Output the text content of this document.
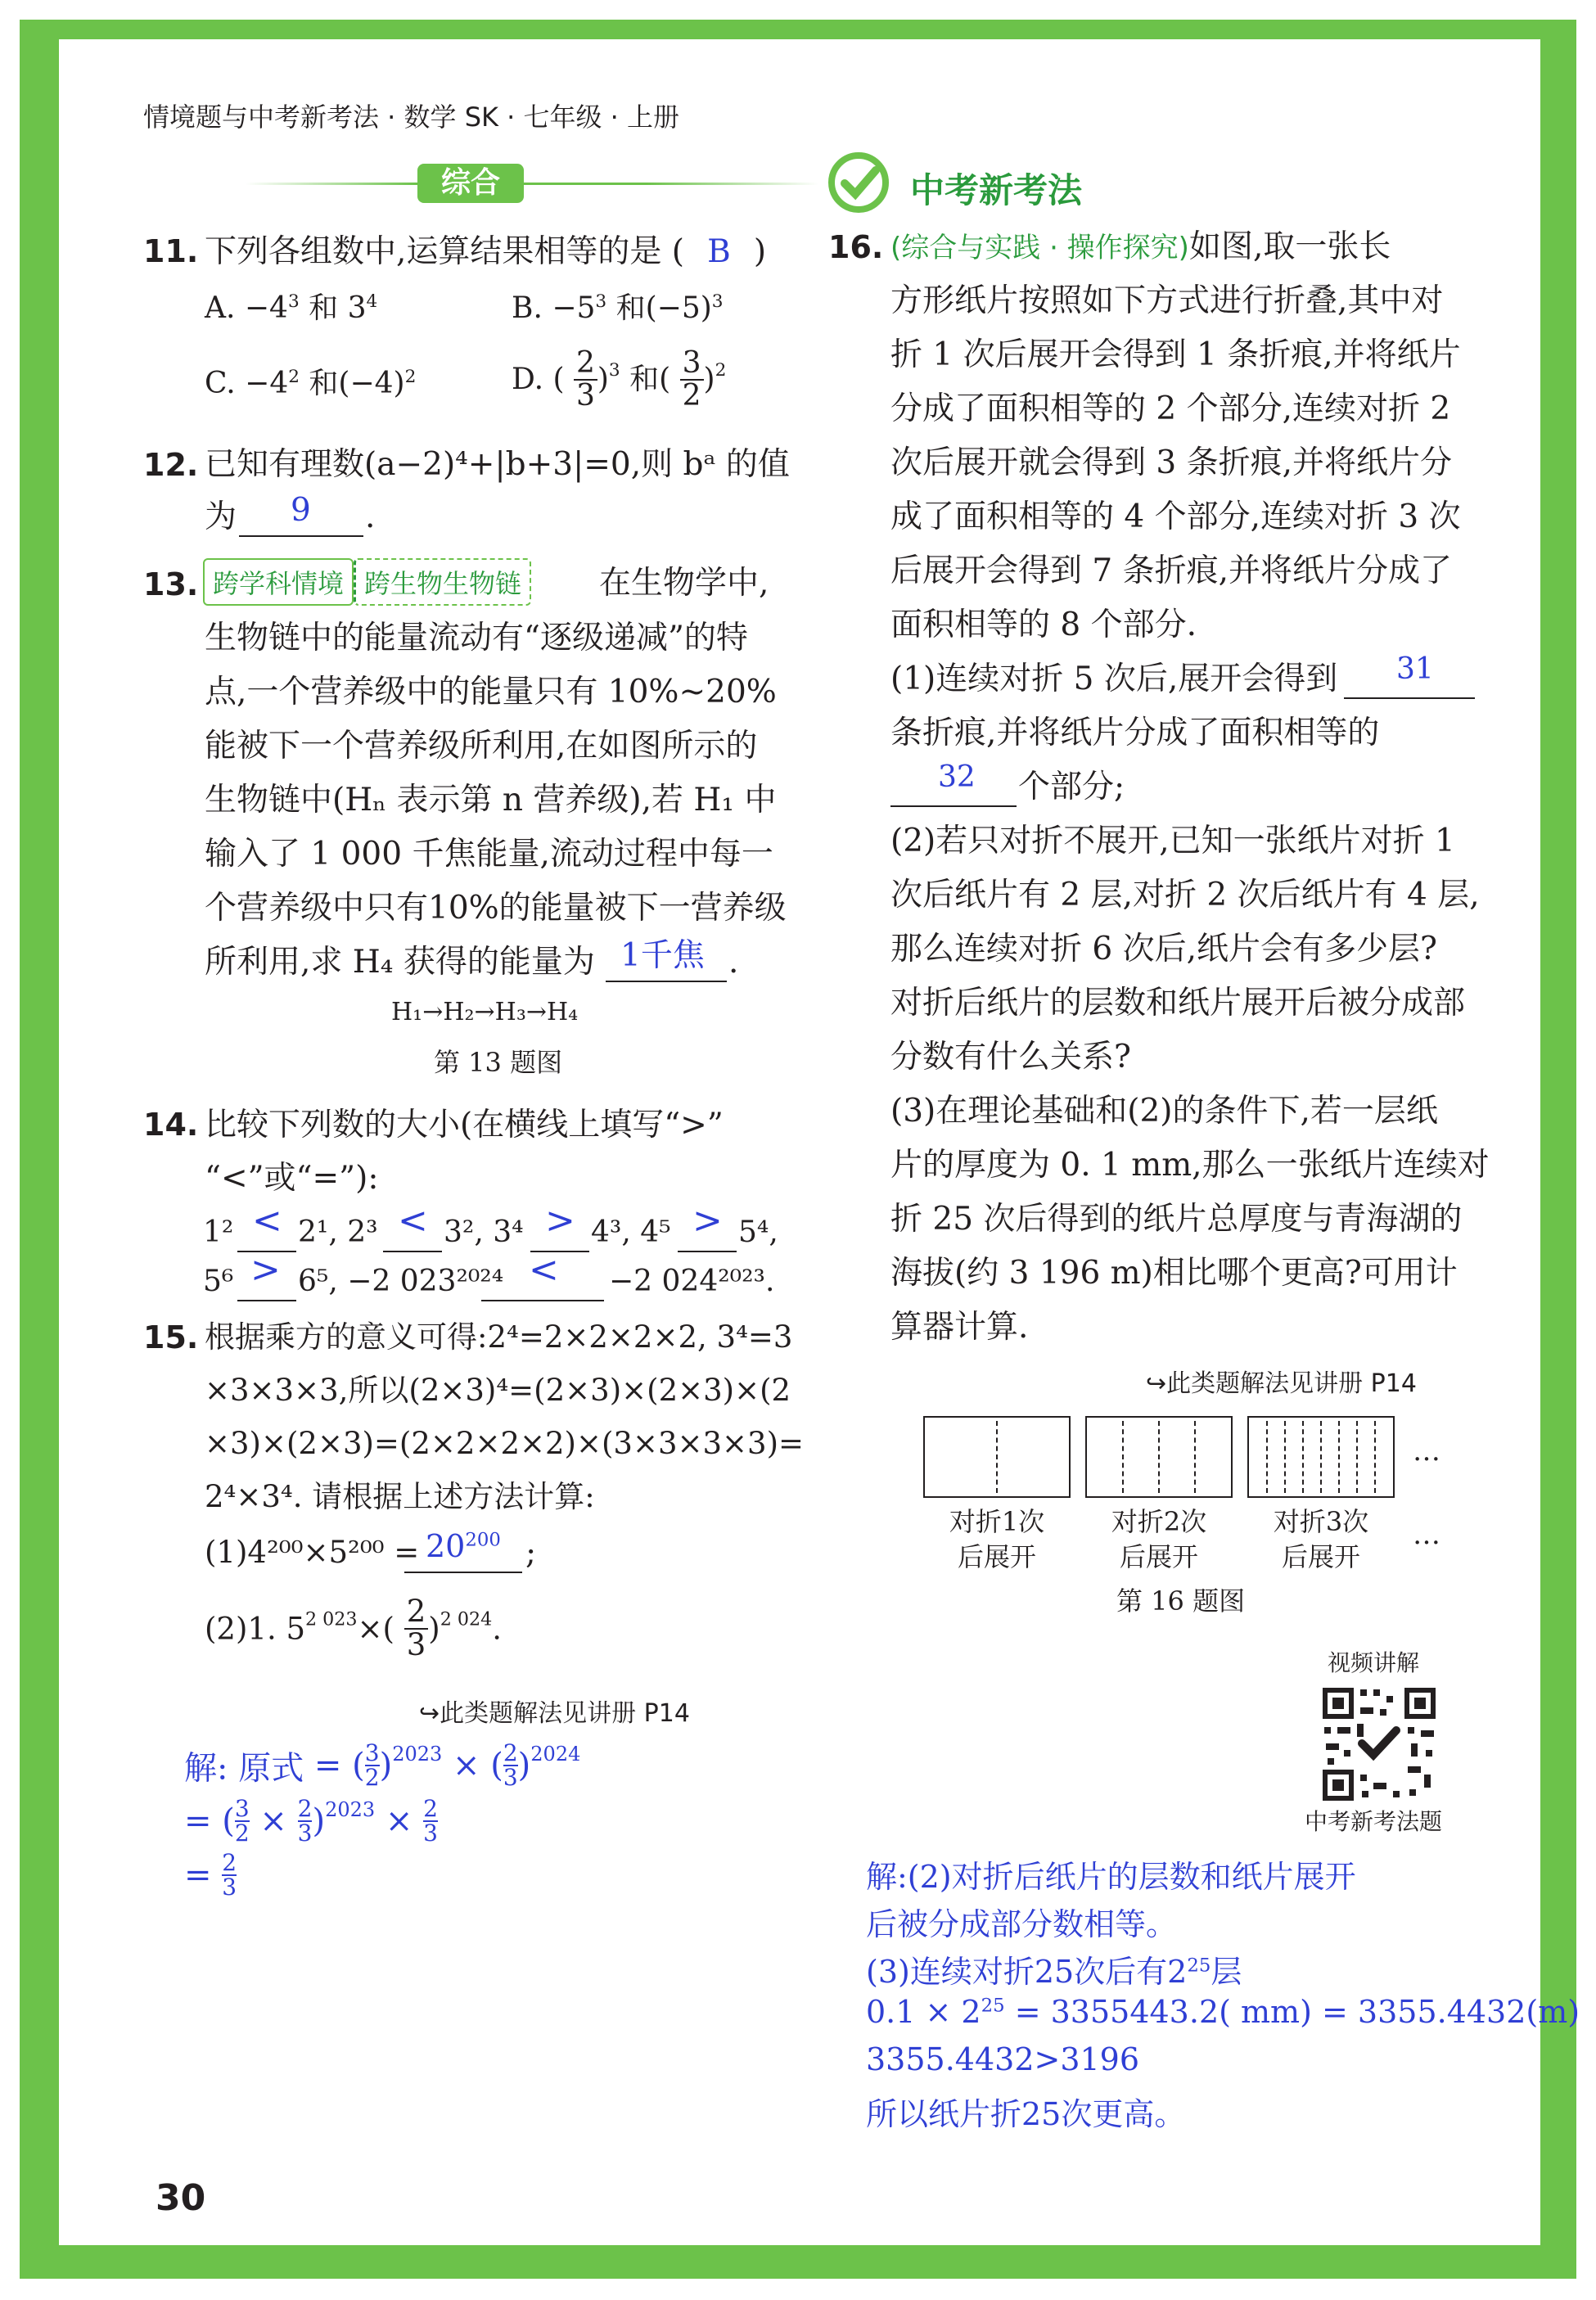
情境题与中考新考法 · 数学 SK · 七年级 · 上册
综合	中考新考法
11. 下列各组数中,运算结果相等的是 ( B )
A. $-4^3$ 和 $3^4$	B. $-5^3$ 和$(-5)^3$
C. $-4^2$ 和$(-4)^2$	D. ( $\frac{2}{3} )^3$ 和( $\frac{3}{2} )^2$
12. 已知有理数(a−2)⁴+|b+3|=0,则 bᵃ 的值
为 9 .
13. 跨学科情境 跨生物生物链	在生物学中,
生物链中的能量流动有“逐级递减”的特
点,一个营养级中的能量只有 10%~20%
能被下一个营养级所利用,在如图所示的
生物链中(Hₙ 表示第 n 营养级),若 H₁ 中
输入了 1 000 千焦能量,流动过程中每一
个营养级中只有10%的能量被下一营养级
所利用,求 H₄ 获得的能量为 1千焦 .
H₁→H₂→H₃→H₄
第 13 题图
14. 比较下列数的大小(在横线上填写“>”
“<”或“=”):
1² < 2¹, 2³ < 3², 3⁴ > 4³, 4⁵ > 5⁴,
5⁶ > 6⁵, −2 023²⁰²⁴ < −2 024²⁰²³.
15. 根据乘方的意义可得:2⁴=2×2×2×2, 3⁴=3
×3×3×3,所以(2×3)⁴=(2×3)×(2×3)×(2
×3)×(2×3)=(2×2×2×2)×(3×3×3×3)=
2⁴×3⁴. 请根据上述方法计算:
$(1)4^{200}\times 5^{200} = 20^{200}$ ;
(2)1. $5^{2 023}\times( \frac{2}{3} )^{2 024}$.
↪此类题解法见讲册 P14
解: 原式 = ( $\frac{3}{2} )^{2023}$ × ( $\frac{2}{3} )^{2024}$
= ( $\frac{3}{2} \times \frac{2}{3} )^{2023} \times \frac{2}{3}$
= $\frac{2}{3}$
16. (综合与实践 · 操作探究)如图,取一张长
方形纸片按照如下方式进行折叠,其中对
折 1 次后展开会得到 1 条折痕,并将纸片
分成了面积相等的 2 个部分,连续对折 2
次后展开就会得到 3 条折痕,并将纸片分
成了面积相等的 4 个部分,连续对折 3 次
后展开会得到 7 条折痕,并将纸片分成了
面积相等的 8 个部分.
(1)连续对折 5 次后,展开会得到 31
条折痕,并将纸片分成了面积相等的
32 个部分;
(2)若只对折不展开,已知一张纸片对折 1
次后纸片有 2 层,对折 2 次后纸片有 4 层,
那么连续对折 6 次后,纸片会有多少层?
对折后纸片的层数和纸片展开后被分成部
分数有什么关系?
(3)在理论基础和(2)的条件下,若一层纸
片的厚度为 0. 1 mm,那么一张纸片连续对
折 25 次后得到的纸片总厚度与青海湖的
海拔(约 3 196 m)相比哪个更高?可用计
算器计算.
↪此类题解法见讲册 P14
…
对折1次
后展开
对折2次
后展开
对折3次
后展开
…
第 16 题图
视频讲解
中考新考法题
解:(2)对折后纸片的层数和纸片展开
后被分成部分数相等。
(3)连续对折25次后有$2^{25}$层
$0.1 \times 2^{25} = 3355443.2$( mm) = 3355.4432(m)
3355.4432>3196
所以纸片折25次更高。
30
